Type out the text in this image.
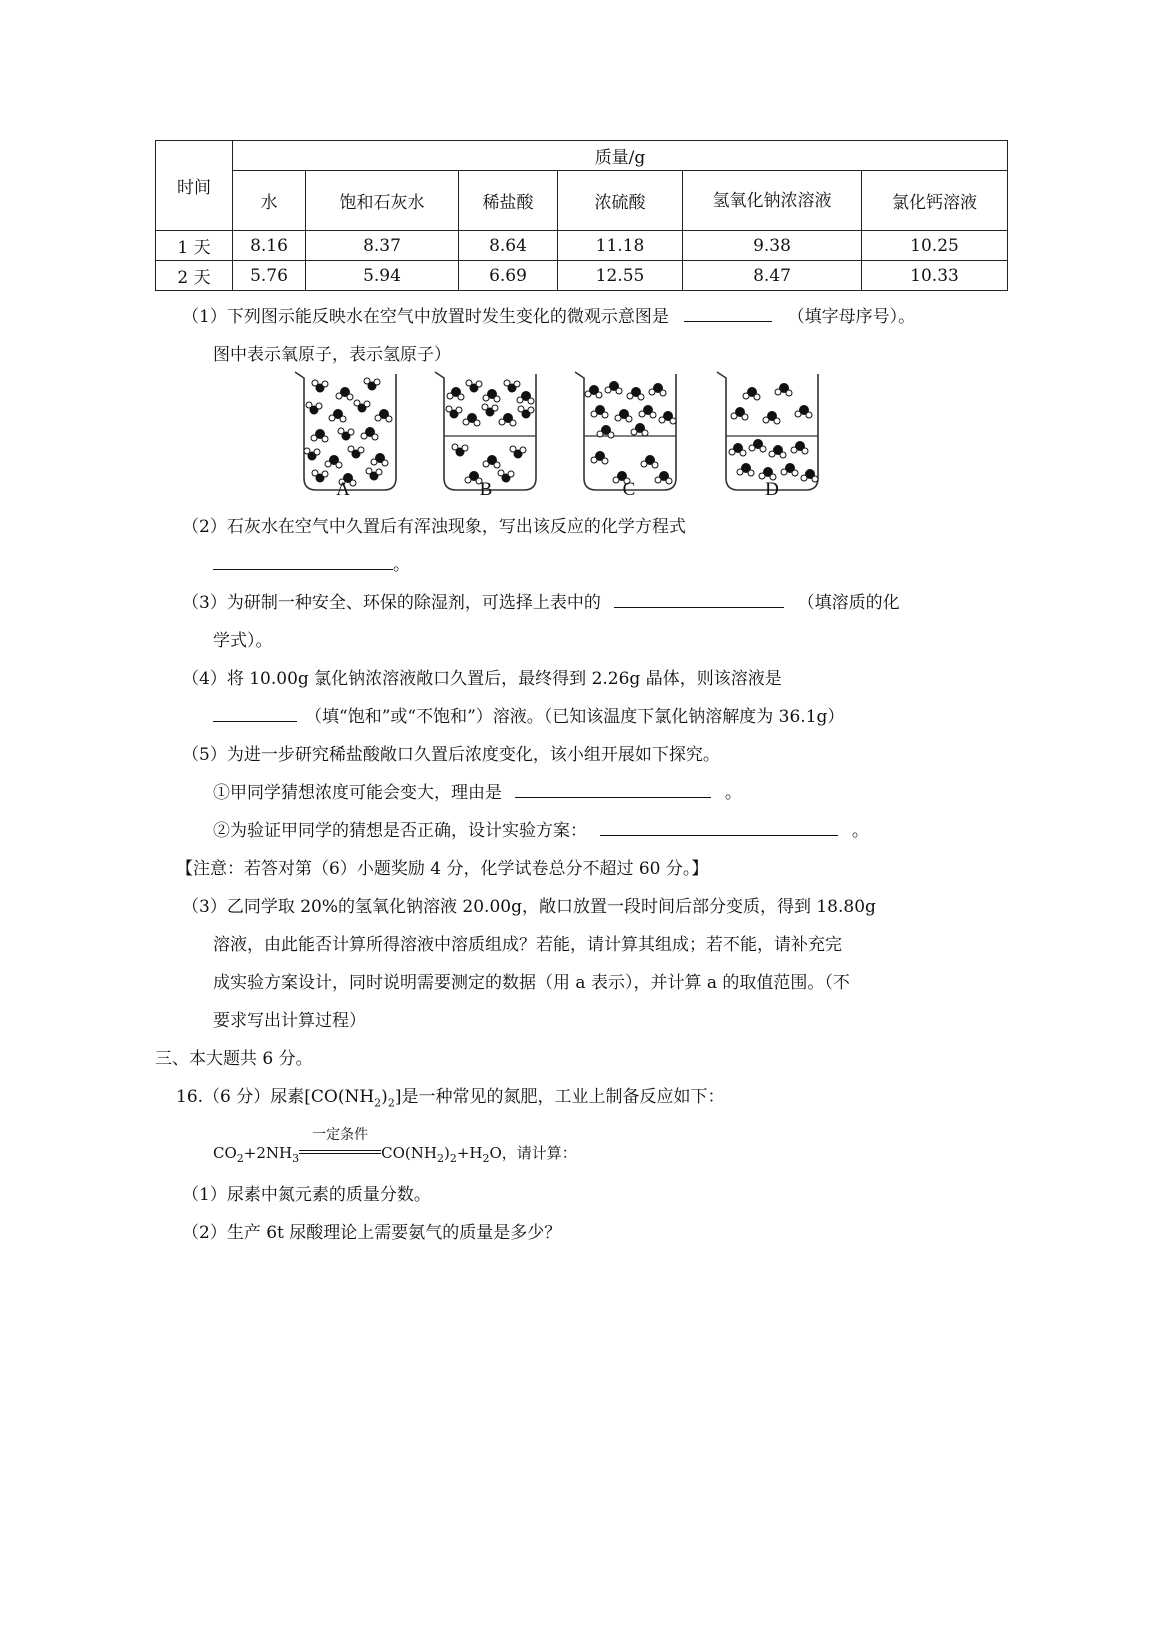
时间	质量/g					
	水	饱和石灰水	稀盐酸	浓硫酸	氢氧化钠浓溶液	氯化钙溶液
1 天	8.16	8.37	8.64	11.18	9.38	10.25
2 天	5.76	5.94	6.69	12.55	8.47	10.33
（1）下列图示能反映水在空气中放置时发生变化的微观示意图是	（填字母序号）。
图中表示氧原子，表示氢原子）
A	B	C	D
（2）石灰水在空气中久置后有浑浊现象，写出该反应的化学方程式
。
（3）为研制一种安全、环保的除湿剂，可选择上表中的	（填溶质的化
学式）。
（4）将 10.00g 氯化钠浓溶液敞口久置后，最终得到 2.26g 晶体，则该溶液是
（填“饱和”或“不饱和”）溶液。（已知该温度下氯化钠溶解度为 36.1g）
（5）为进一步研究稀盐酸敞口久置后浓度变化，该小组开展如下探究。
①甲同学猜想浓度可能会变大，理由是	。
②为验证甲同学的猜想是否正确，设计实验方案：	。
【注意：若答对第（6）小题奖励 4 分，化学试卷总分不超过 60 分。】
（3）乙同学取 20%的氢氧化钠溶液 20.00g，敞口放置一段时间后部分变质，得到 18.80g
溶液，由此能否计算所得溶液中溶质组成？若能，请计算其组成；若不能，请补充完
成实验方案设计，同时说明需要测定的数据（用 a 表示），并计算 a 的取值范围。（不
要求写出计算过程）
三、本大题共 6 分。
16.（6 分）尿素$[CO(NH_2)_2]$是一种常见的氮肥，工业上制备反应如下：
$CO_2+2NH_3$
一定条件
$CO(NH_2)_2+H_2O$，请计算：
（1）尿素中氮元素的质量分数。
（2）生产 6t 尿酸理论上需要氨气的质量是多少？
